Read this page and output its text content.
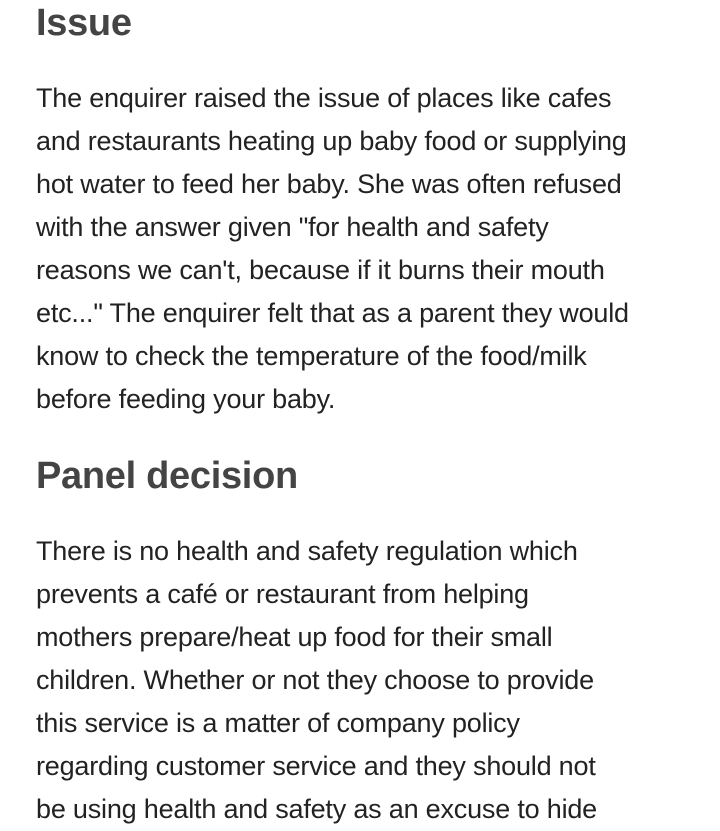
Issue

The enquirer raised the issue of places like cafes

and restaurants heating up baby food or supplying

hot water to feed her baby. She was often refused

with the answer given "for health and safety

reasons we can't, because if it burns their mouth

etc..." The enquirer felt that as a parent they would

know to check the temperature of the food/milk

before feeding your baby.

Panel decision

There is no health and safety regulation which

prevents a café or restaurant from helping

mothers prepare/heat up food for their small

children. Whether or not they choose to provide

this service is a matter of company policy

regarding customer service and they should not

be using health and safety as an excuse to hide
